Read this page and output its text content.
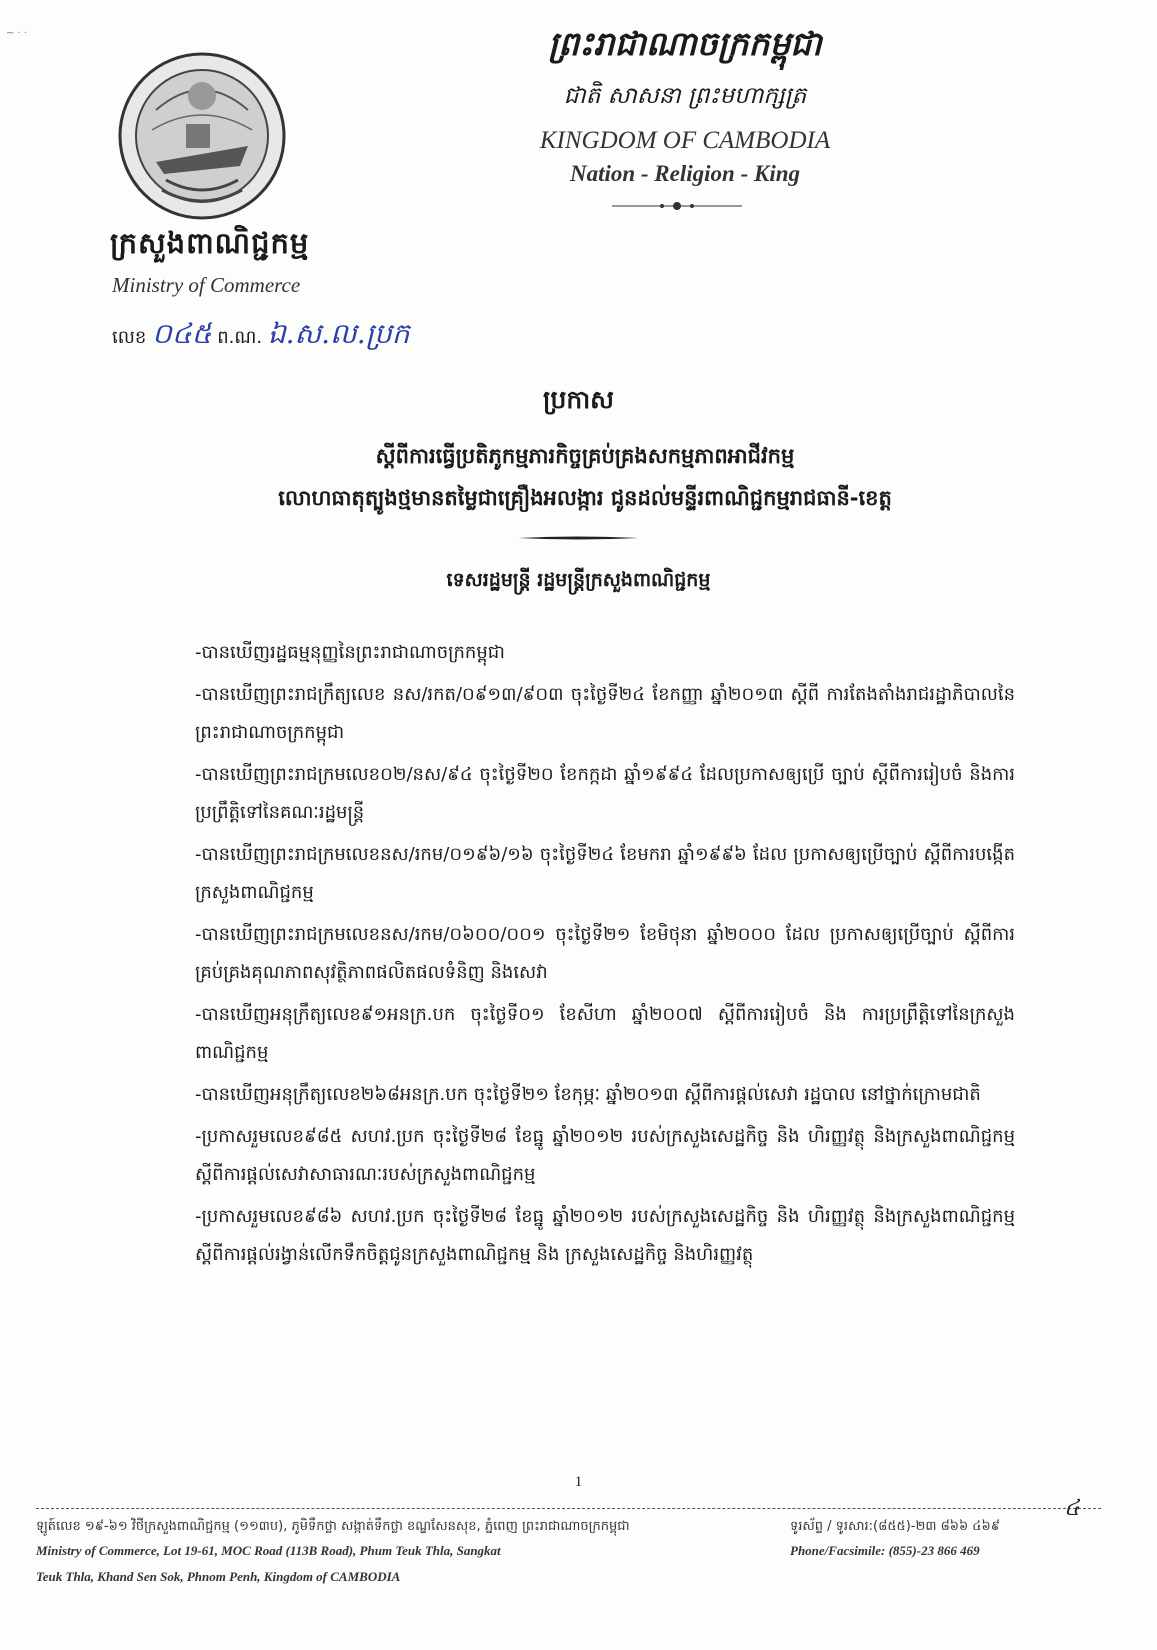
~ · ·
ក្រសួងពាណិជ្ជកម្ម
Ministry of Commerce
លេខ ០៤៥ ព.ណ. ឯ.ស.ល.ប្រក
ព្រះរាជាណាចក្រកម្ពុជា
ជាតិ សាសនា ព្រះមហាក្សត្រ
KINGDOM OF CAMBODIA
Nation - Religion - King
ប្រកាស
ស្តីពីការធ្វើប្រតិភូកម្មភារកិច្ចគ្រប់គ្រងសកម្មភាពអាជីវកម្ម
លោហធាតុត្បូងថ្មមានតម្លៃជាគ្រឿងអលង្ការ ជូនដល់មន្ទីរពាណិជ្ជកម្មរាជធានី-ខេត្ត
ទេសរដ្ឋមន្ត្រី រដ្ឋមន្ត្រីក្រសួងពាណិជ្ជកម្ម
-បានឃើញរដ្ឋធម្មនុញ្ញនៃព្រះរាជាណាចក្រកម្ពុជា
-បានឃើញព្រះរាជក្រឹត្យលេខ នស/រកត/០៩១៣/៩០៣ ចុះថ្ងៃទី២៤ ខែកញ្ញា ឆ្នាំ២០១៣ ស្តីពី ការតែងតាំងរាជរដ្ឋាភិបាលនៃព្រះរាជាណាចក្រកម្ពុជា
-បានឃើញព្រះរាជក្រមលេខ០២/នស/៩៤ ចុះថ្ងៃទី២០ ខែកក្កដា ឆ្នាំ១៩៩៤ ដែលប្រកាសឲ្យប្រើ ច្បាប់ ស្តីពីការរៀបចំ និងការប្រព្រឹត្តិទៅនៃគណៈរដ្ឋមន្ត្រី
-បានឃើញព្រះរាជក្រមលេខនស/រកម/០១៩៦/១៦ ចុះថ្ងៃទី២៤ ខែមករា ឆ្នាំ១៩៩៦ ដែល ប្រកាសឲ្យប្រើច្បាប់ ស្តីពីការបង្កើតក្រសួងពាណិជ្ជកម្ម
-បានឃើញព្រះរាជក្រមលេខនស/រកម/០៦០០/០០១ ចុះថ្ងៃទី២១ ខែមិថុនា ឆ្នាំ២០០០ ដែល ប្រកាសឲ្យប្រើច្បាប់ ស្តីពីការគ្រប់គ្រងគុណភាពសុវត្ថិភាពផលិតផលទំនិញ និងសេវា
-បានឃើញអនុក្រឹត្យលេខ៩១អនក្រ.បក ចុះថ្ងៃទី០១ ខែសីហា ឆ្នាំ២០០៧ ស្តីពីការរៀបចំ និង ការប្រព្រឹត្តិទៅនៃក្រសួងពាណិជ្ជកម្ម
-បានឃើញអនុក្រឹត្យលេខ២៦៨អនក្រ.បក ចុះថ្ងៃទី២១ ខែកុម្ភៈ ឆ្នាំ២០១៣ ស្តីពីការផ្តល់សេវា រដ្ឋបាល នៅថ្នាក់ក្រោមជាតិ
-ប្រកាសរួមលេខ៩៨៥ សហវ.ប្រក ចុះថ្ងៃទី២៨ ខែធ្នូ ឆ្នាំ២០១២ របស់ក្រសួងសេដ្ឋកិច្ច និង ហិរញ្ញវត្ថុ និងក្រសួងពាណិជ្ជកម្ម ស្តីពីការផ្តល់សេវាសាធារណៈរបស់ក្រសួងពាណិជ្ជកម្ម
-ប្រកាសរួមលេខ៩៨៦ សហវ.ប្រក ចុះថ្ងៃទី២៨ ខែធ្នូ ឆ្នាំ២០១២ របស់ក្រសួងសេដ្ឋកិច្ច និង ហិរញ្ញវត្ថុ និងក្រសួងពាណិជ្ជកម្ម ស្តីពីការផ្តល់រង្វាន់លើកទឹកចិត្តជូនក្រសួងពាណិជ្ជកម្ម និង ក្រសួងសេដ្ឋកិច្ច និងហិរញ្ញវត្ថុ
1
៤
ឡូត៍លេខ ១៩-៦១ វិថីក្រសួងពាណិជ្ជកម្ម (១១៣ប), ភូមិទឹកថ្លា សង្កាត់ទឹកថ្លា ខណ្ឌសែនសុខ, ភ្នំពេញ ព្រះរាជាណាចក្រកម្ពុជា
Ministry of Commerce, Lot 19-61, MOC Road (113B Road), Phum Teuk Thla, Sangkat
Teuk Thla, Khand Sen Sok, Phnom Penh, Kingdom of CAMBODIA
ទូរស័ព្ទ / ទូរសារ:(៨៥៥)-២៣ ៨៦៦ ៤៦៩
Phone/Facsimile: (855)-23 866 469
